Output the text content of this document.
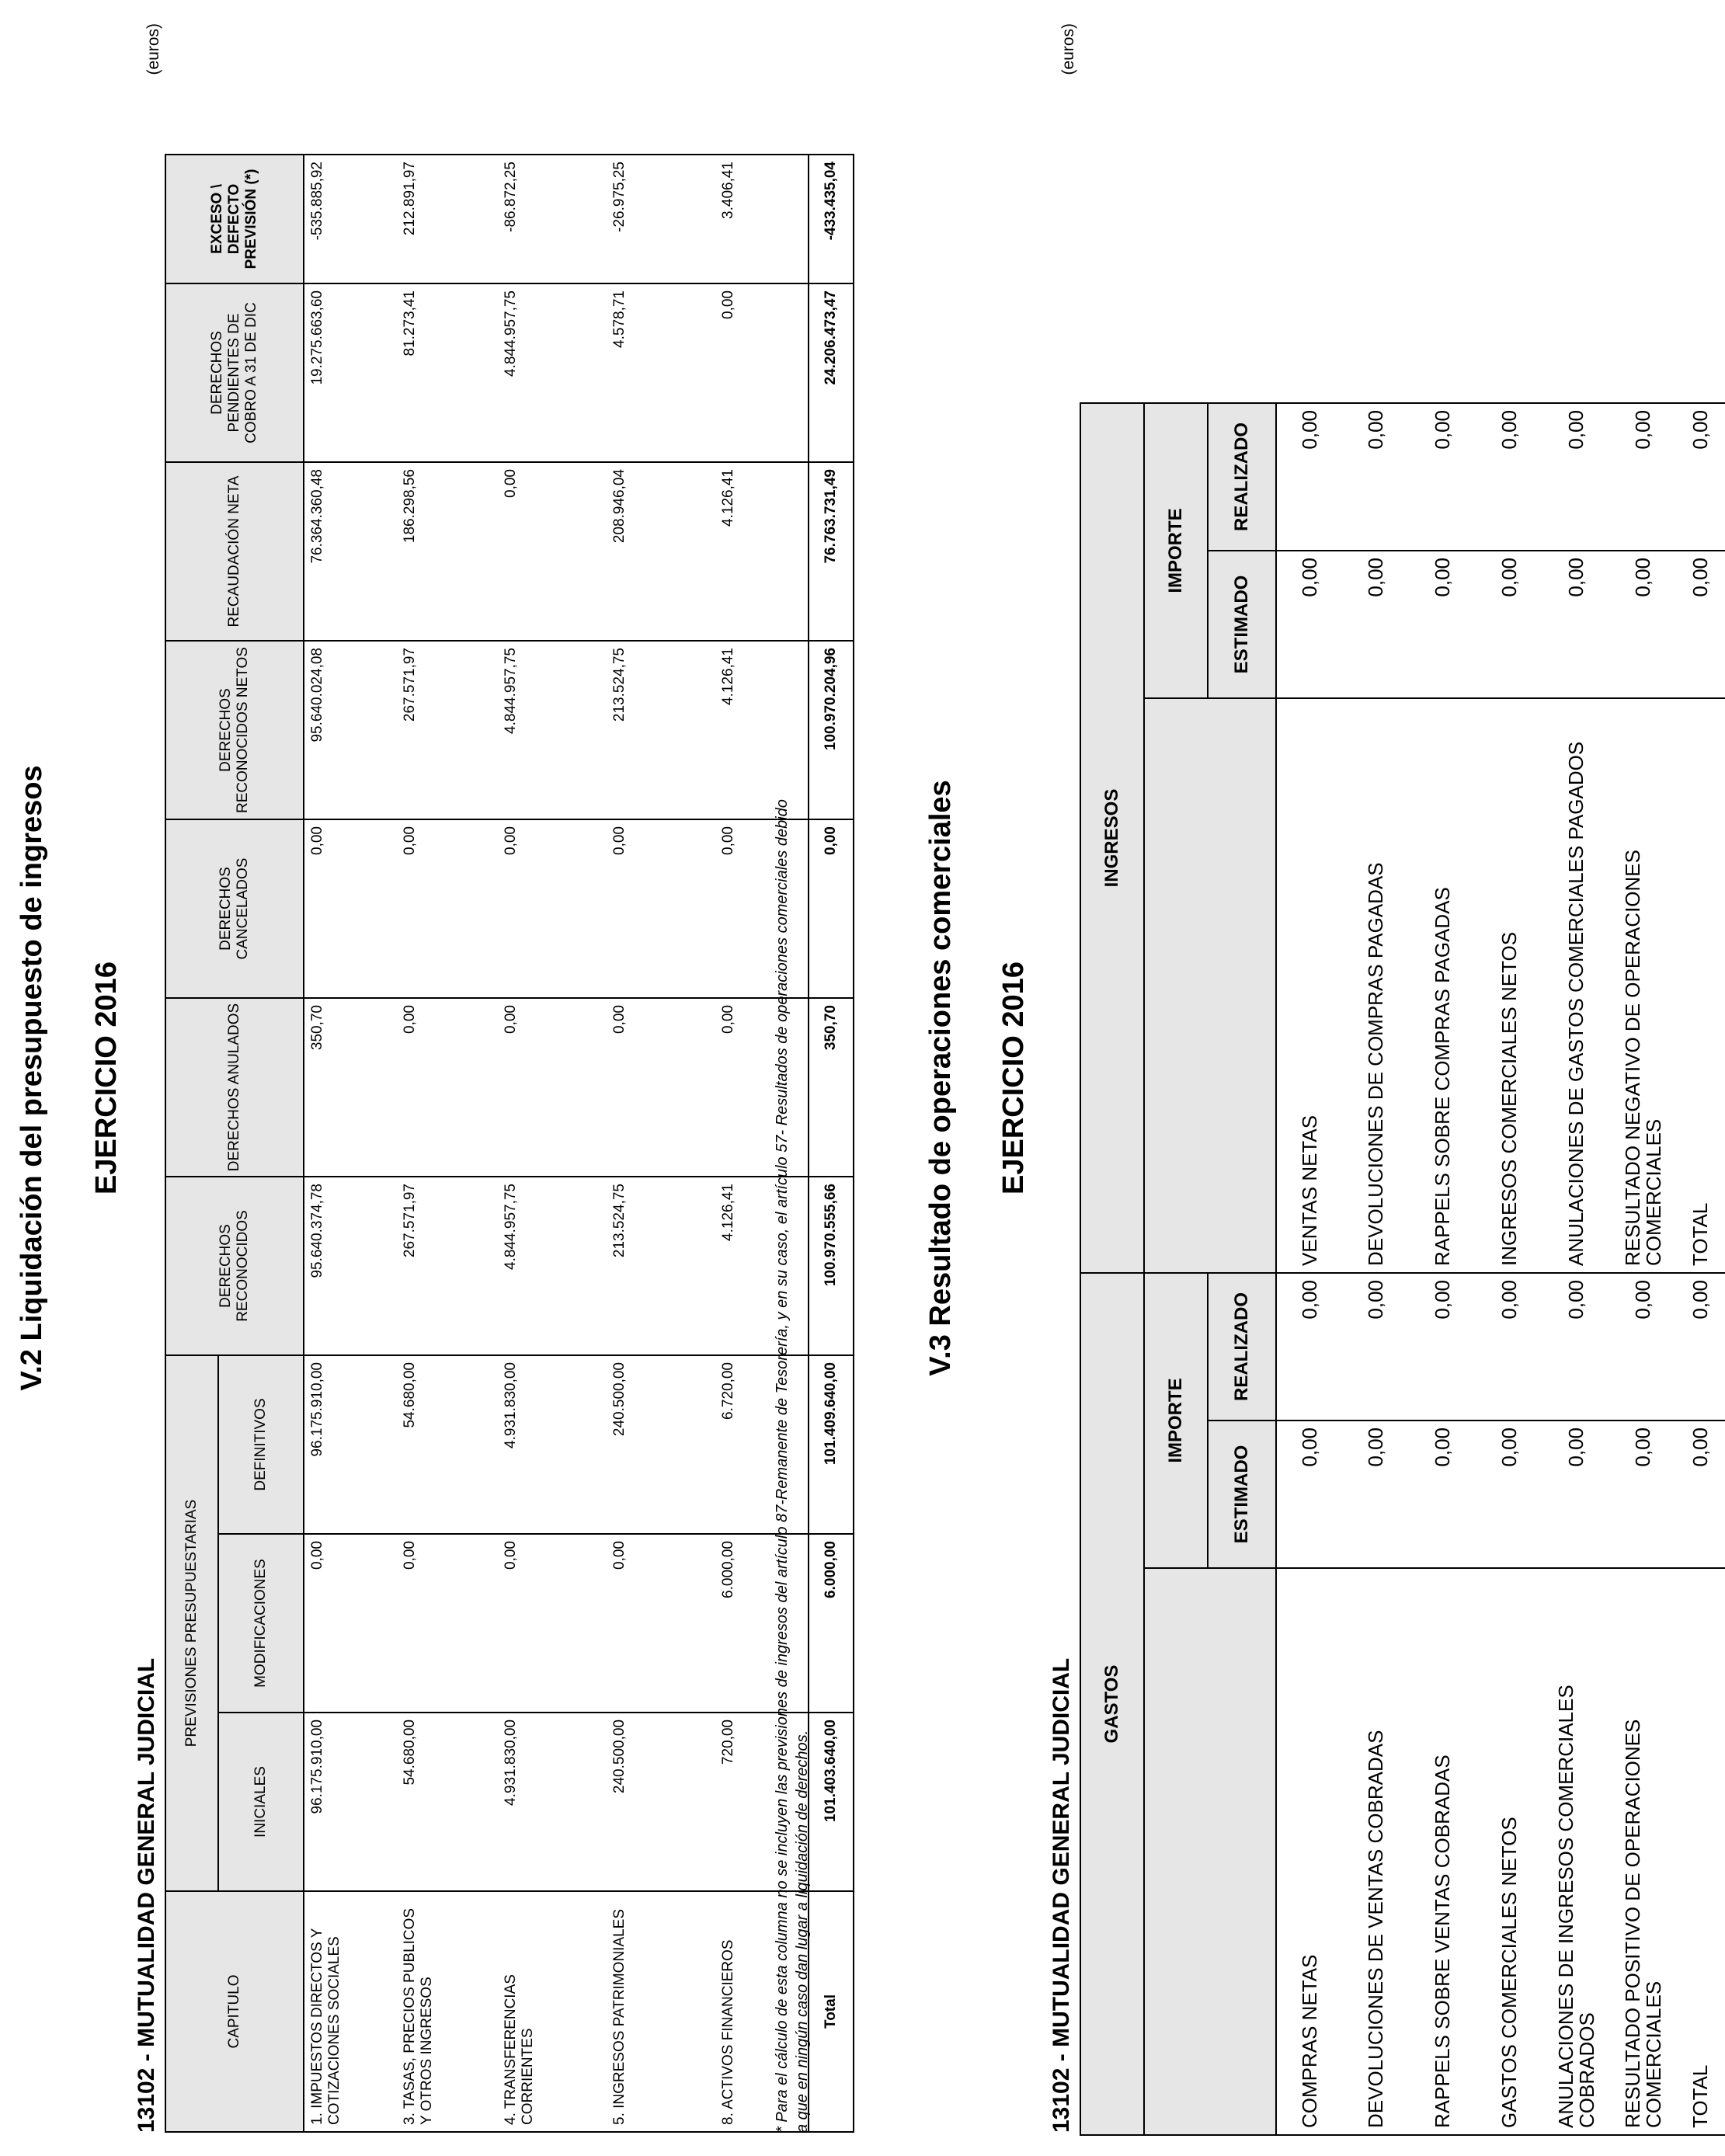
V.2 Liquidación del presupuesto de ingresos EJERCICIO 2016
13102 - MUTUALIDAD GENERAL JUDICIAL
(euros)
CAPITULO	PREVISIONES PRESUPUESTARIAS			DERECHOS RECONOCIDOS	DERECHOS ANULADOS	DERECHOS CANCELADOS	DERECHOS RECONOCIDOS NETOS	RECAUDACIÓN NETA	DERECHOS PENDIENTES DE COBRO A 31 DE DIC	EXCESO \ DEFECTO PREVISIÓN (*)
	INICIALES	MODIFICACIONES	DEFINITIVOS							
1. IMPUESTOS DIRECTOS Y COTIZACIONES SOCIALES	96.175.910,00	0,00	96.175.910,00	95.640.374,78	350,70	0,00	95.640.024,08	76.364.360,48	19.275.663,60	-535.885,92
3. TASAS, PRECIOS PUBLICOS Y OTROS INGRESOS	54.680,00	0,00	54.680,00	267.571,97	0,00	0,00	267.571,97	186.298,56	81.273,41	212.891,97
4. TRANSFERENCIAS CORRIENTES	4.931.830,00	0,00	4.931.830,00	4.844.957,75	0,00	0,00	4.844.957,75	0,00	4.844.957,75	-86.872,25
5. INGRESOS PATRIMONIALES	240.500,00	0,00	240.500,00	213.524,75	0,00	0,00	213.524,75	208.946,04	4.578,71	-26.975,25
8. ACTIVOS FINANCIEROS	720,00	6.000,00	6.720,00	4.126,41	0,00	0,00	4.126,41	4.126,41	0,00	3.406,41
Total	101.403.640,00	6.000,00	101.409.640,00	100.970.555,66	350,70	0,00	100.970.204,96	76.763.731,49	24.206.473,47	-433.435,04
* Para el cálculo de esta columna no se incluyen las previsiones de ingresos del artículo 87-Remanente de Tesorería, y en su caso, el artículo 57- Resultados de operaciones comerciales debido a que en ningún caso dan lugar a liquidación de derechos.
V.3 Resultado de operaciones comerciales EJERCICIO 2016
13102 - MUTUALIDAD GENERAL JUDICIAL
(euros)
GASTOS			INGRESOS		
	IMPORTE			IMPORTE	
	ESTIMADO	REALIZADO		ESTIMADO	REALIZADO
COMPRAS NETAS	0,00	0,00	VENTAS NETAS	0,00	0,00
DEVOLUCIONES DE VENTAS COBRADAS	0,00	0,00	DEVOLUCIONES DE COMPRAS PAGADAS	0,00	0,00
RAPPELS SOBRE VENTAS COBRADAS	0,00	0,00	RAPPELS SOBRE COMPRAS PAGADAS	0,00	0,00
GASTOS COMERCIALES NETOS	0,00	0,00	INGRESOS COMERCIALES NETOS	0,00	0,00
ANULACIONES DE INGRESOS COMERCIALES COBRADOS	0,00	0,00	ANULACIONES DE GASTOS COMERCIALES PAGADOS	0,00	0,00
RESULTADO POSITIVO DE OPERACIONES COMERCIALES	0,00	0,00	RESULTADO NEGATIVO DE OPERACIONES COMERCIALES	0,00	0,00
TOTAL	0,00	0,00	TOTAL	0,00	0,00
